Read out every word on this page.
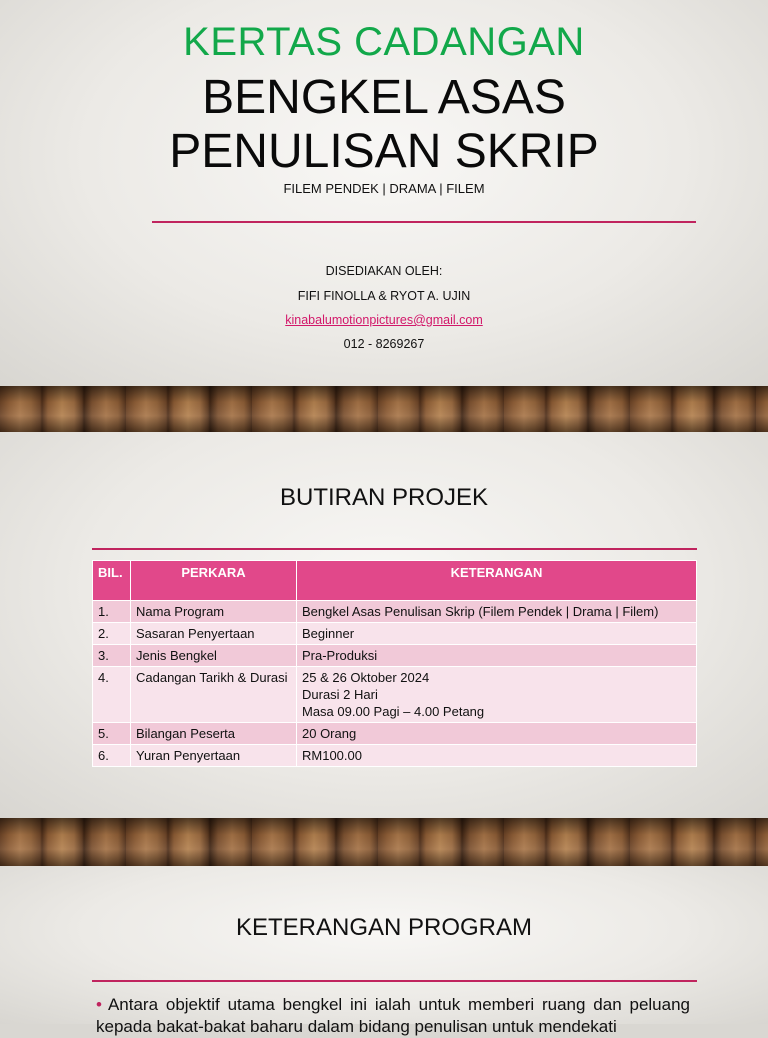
KERTAS CADANGAN
BENGKEL ASAS
PENULISAN SKRIP
FILEM PENDEK | DRAMA | FILEM
DISEDIAKAN OLEH:
FIFI FINOLLA & RYOT A. UJIN
kinabalumotionpictures@gmail.com
012 - 8269267
BUTIRAN PROJEK
BIL.	PERKARA	KETERANGAN
1.	Nama Program	Bengkel Asas Penulisan Skrip (Filem Pendek | Drama | Filem)
2.	Sasaran Penyertaan	Beginner
3.	Jenis Bengkel	Pra-Produksi
4.	Cadangan Tarikh & Durasi	25 & 26 Oktober 2024
Durasi 2 Hari
Masa 09.00 Pagi – 4.00 Petang

5.	Bilangan Peserta	20 Orang
6.	Yuran Penyertaan	RM100.00
KETERANGAN PROGRAM
• Antara objektif utama bengkel ini ialah untuk memberi ruang dan peluang kepada bakat-bakat baharu dalam bidang penulisan untuk mendekati
